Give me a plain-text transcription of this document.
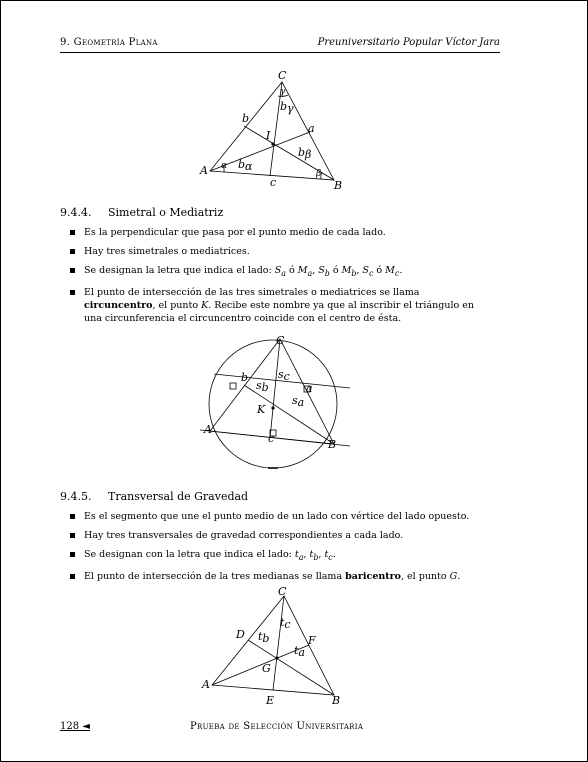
9. Geometría Plana	Preuniversitario Popular Víctor Jara
C
A
B
a
b
c
I
α
β
γ
bα
bβ
bγ
9.4.4. Simetral o Mediatriz
Es la perpendicular que pasa por el punto medio de cada lado.
Hay tres simetrales o mediatrices.
Se designan la letra que indica el lado: $S_a$ ó $M_a$, $S_b$ ó $M_b$, $S_c$ ó $M_c$.
El punto de intersección de las tres simetrales o mediatrices se llama circuncentro, el punto K. Recibe este nombre ya que al inscribir el triángulo en una circunferencia el circuncentro coincide con el centro de ésta.
C
A
B
a
b
c
K
sa
sb
sc
9.4.5. Transversal de Gravedad
Es el segmento que une el punto medio de un lado con vértice del lado opuesto.
Hay tres transversales de gravedad correspondientes a cada lado.
Se designan con la letra que indica el lado: $t_a$, $t_b$, $t_c$.
El punto de intersección de la tres medianas se llama baricentro, el punto G.
C
A
B
D
E
F
G
ta
tb
tc
128 ◄	Prueba de Selección Universitaria
